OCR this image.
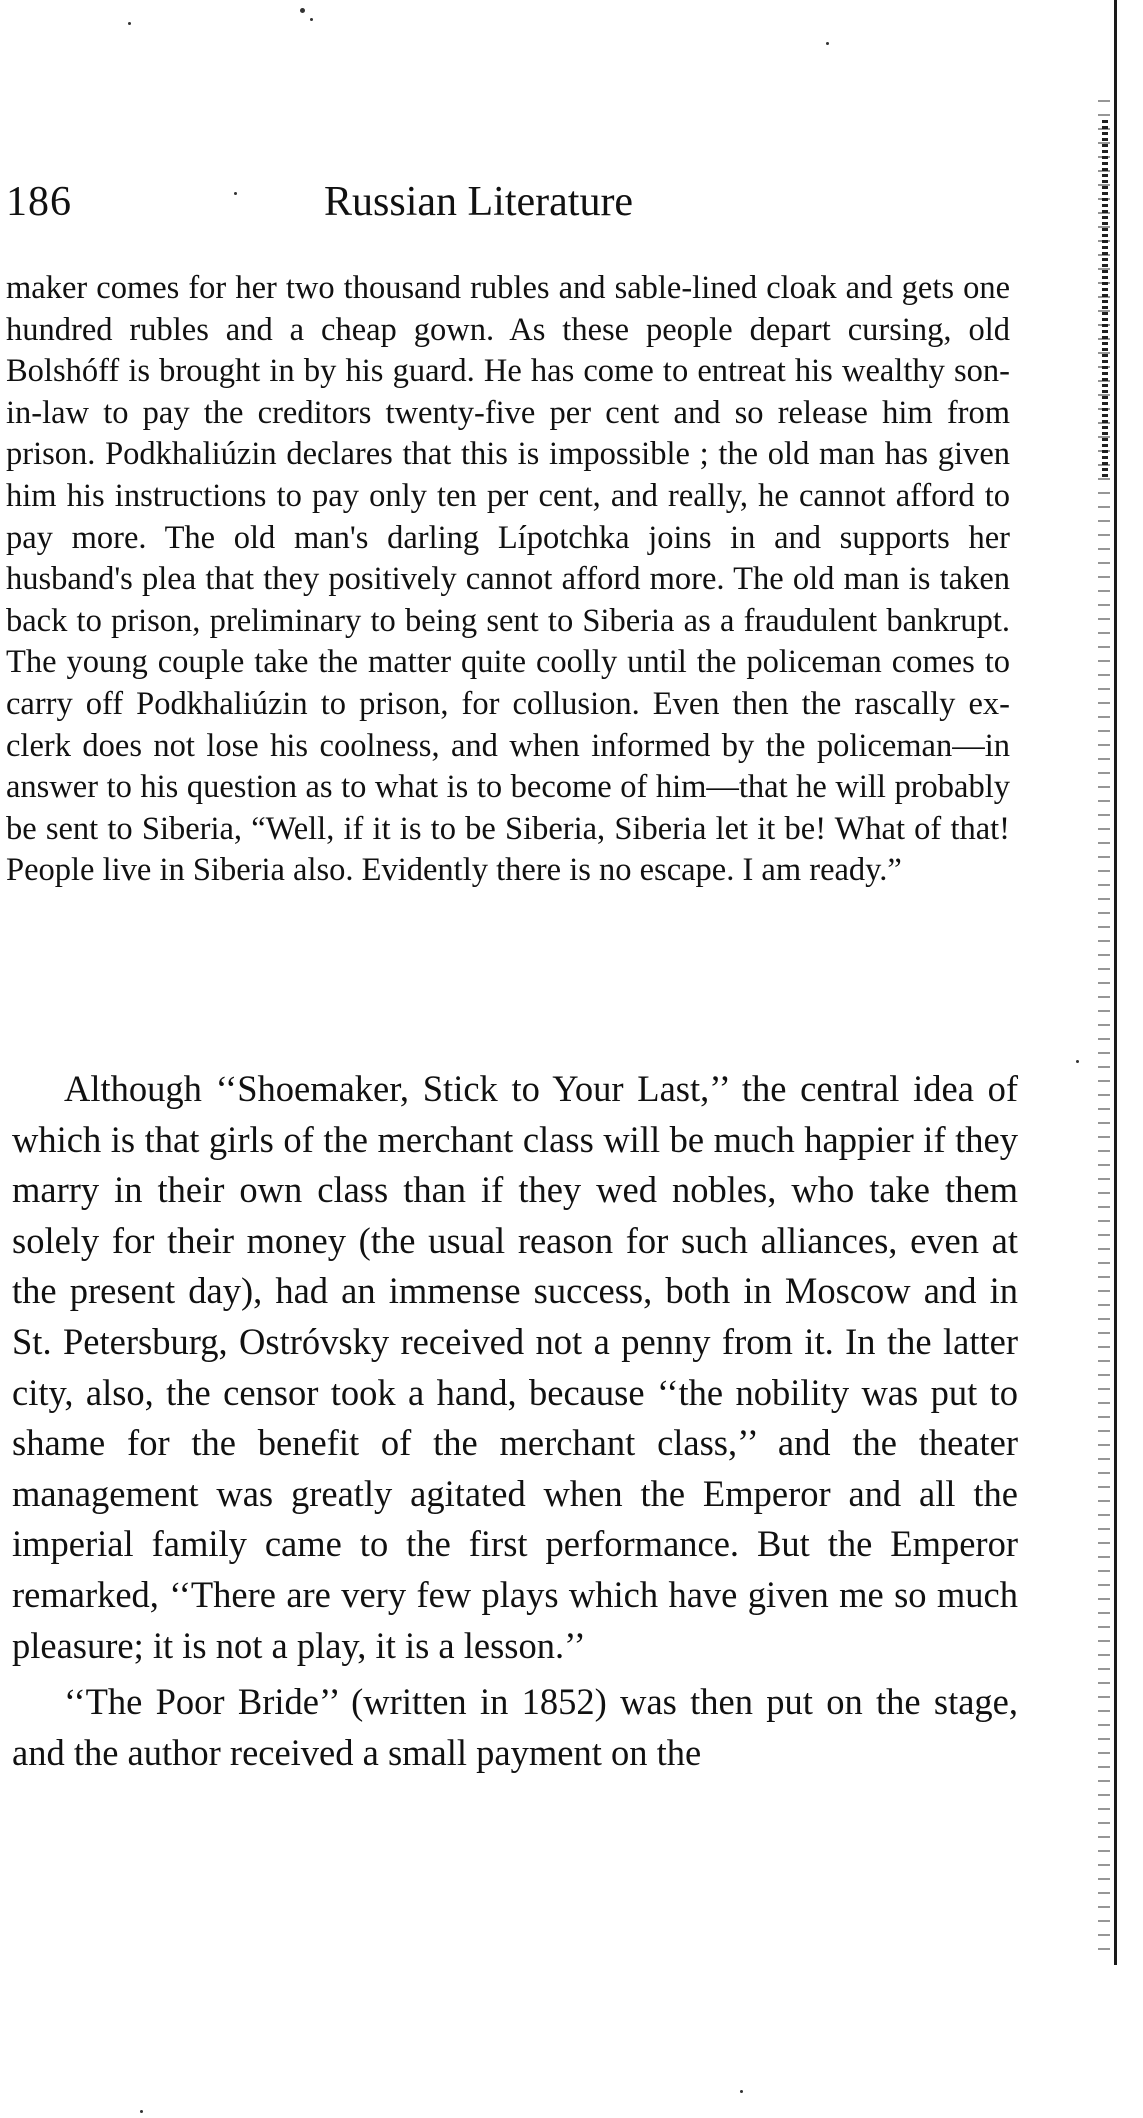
186	Russian Literature

maker comes for her two thousand rubles and sable-lined cloak and gets one hundred rubles and a cheap gown. As these people depart cursing, old Bolshóff is brought in by his guard. He has come to entreat his wealthy son-in-law to pay the creditors twenty-five per cent and so release him from prison. Podkhaliúzin declares that this is impossible ; the old man has given him his instructions to pay only ten per cent, and really, he cannot afford to pay more. The old man's darling Lípotchka joins in and supports her husband's plea that they positively cannot afford more. The old man is taken back to prison, preliminary to being sent to Siberia as a fraudulent bankrupt. The young couple take the matter quite coolly until the policeman comes to carry off Podkhaliúzin to prison, for collusion. Even then the rascally ex-clerk does not lose his coolness, and when informed by the policeman—in answer to his question as to what is to become of him—that he will probably be sent to Siberia, “Well, if it is to be Siberia, Siberia let it be! What of that! People live in Siberia also. Evidently there is no escape. I am ready.”

Although ‘‘Shoemaker, Stick to Your Last,’’ the central idea of which is that girls of the merchant class will be much happier if they marry in their own class than if they wed nobles, who take them solely for their money (the usual reason for such alliances, even at the present day), had an immense success, both in Moscow and in St. Petersburg, Ostróvsky received not a penny from it. In the latter city, also, the censor took a hand, because ‘‘the nobility was put to shame for the benefit of the merchant class,’’ and the theater management was greatly agitated when the Emperor and all the imperial family came to the first performance. But the Emperor remarked, ‘‘There are very few plays which have given me so much pleasure; it is not a play, it is a lesson.’’

‘‘The Poor Bride’’ (written in 1852) was then put on the stage, and the author received a small payment on the
